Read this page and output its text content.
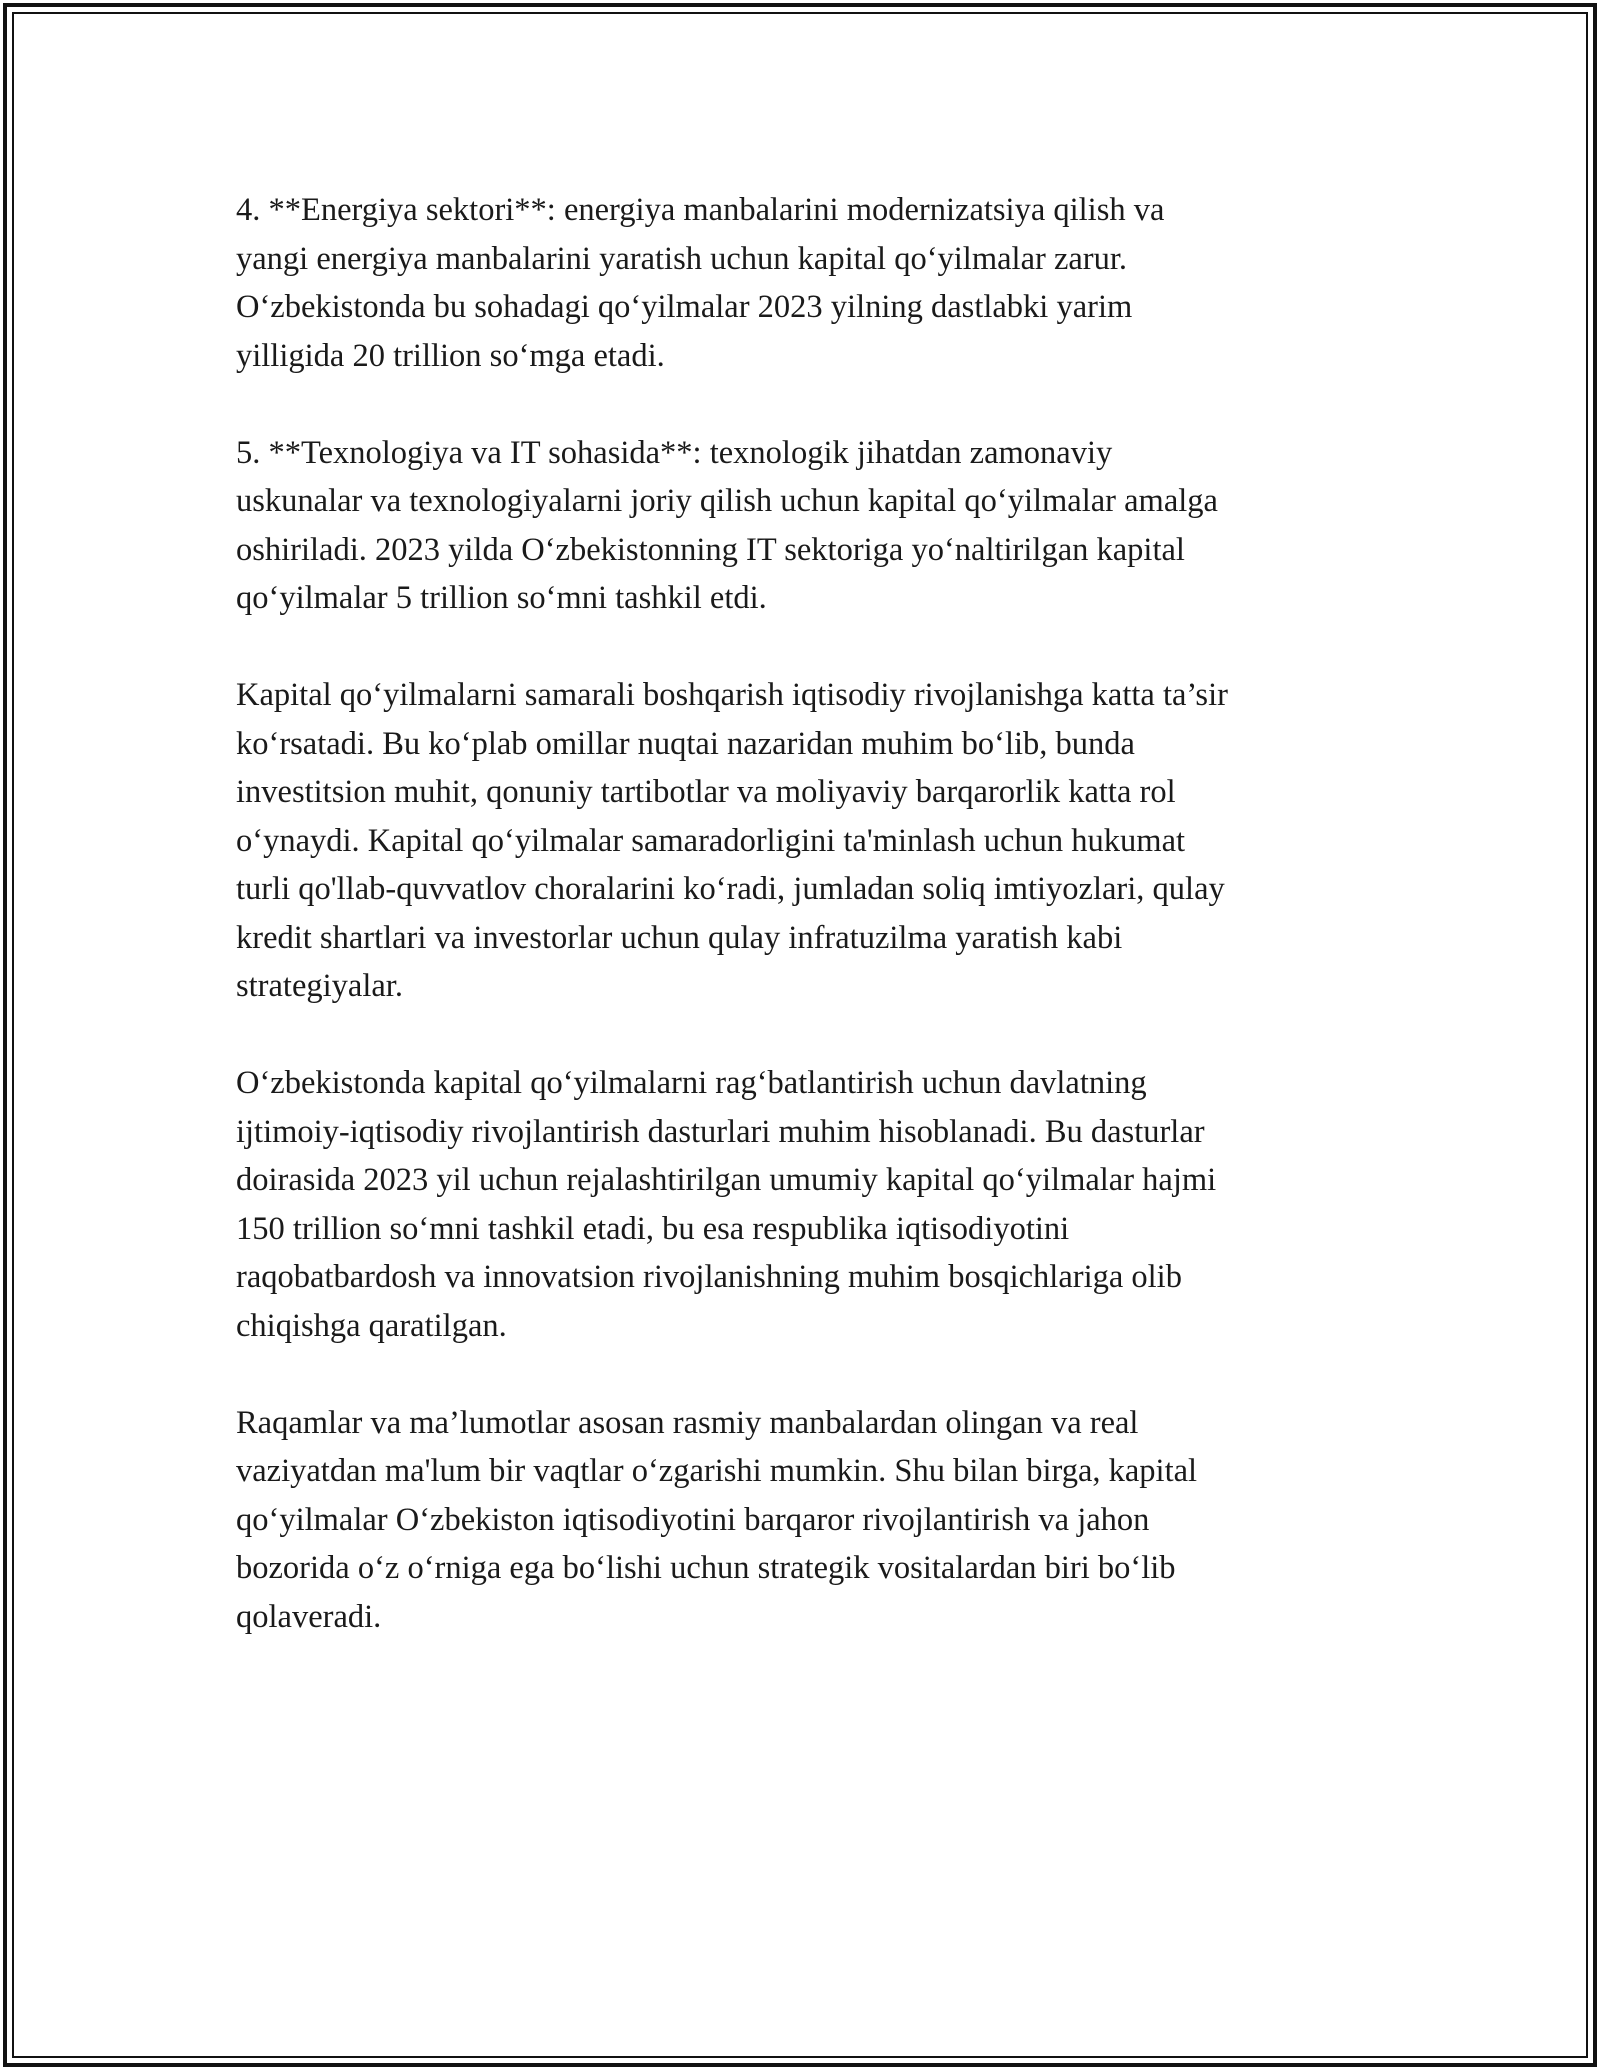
4. **Energiya sektori**: energiya manbalarini modernizatsiya qilish va
yangi energiya manbalarini yaratish uchun kapital qoʻyilmalar zarur.
Oʻzbekistonda bu sohadagi qoʻyilmalar 2023 yilning dastlabki yarim
yilligida 20 trillion soʻmga etadi.

5. **Texnologiya va IT sohasida**: texnologik jihatdan zamonaviy
uskunalar va texnologiyalarni joriy qilish uchun kapital qoʻyilmalar amalga
oshiriladi. 2023 yilda Oʻzbekistonning IT sektoriga yoʻnaltirilgan kapital
qoʻyilmalar 5 trillion soʻmni tashkil etdi.

Kapital qoʻyilmalarni samarali boshqarish iqtisodiy rivojlanishga katta ta’sir
koʻrsatadi. Bu koʻplab omillar nuqtai nazaridan muhim boʻlib, bunda
investitsion muhit, qonuniy tartibotlar va moliyaviy barqarorlik katta rol
oʻynaydi. Kapital qoʻyilmalar samaradorligini ta'minlash uchun hukumat
turli qo'llab-quvvatlov choralarini koʻradi, jumladan soliq imtiyozlari, qulay
kredit shartlari va investorlar uchun qulay infratuzilma yaratish kabi
strategiyalar.

Oʻzbekistonda kapital qoʻyilmalarni ragʻbatlantirish uchun davlatning
ijtimoiy-iqtisodiy rivojlantirish dasturlari muhim hisoblanadi. Bu dasturlar
doirasida 2023 yil uchun rejalashtirilgan umumiy kapital qoʻyilmalar hajmi
150 trillion soʻmni tashkil etadi, bu esa respublika iqtisodiyotini
raqobatbardosh va innovatsion rivojlanishning muhim bosqichlariga olib
chiqishga qaratilgan.

Raqamlar va ma’lumotlar asosan rasmiy manbalardan olingan va real
vaziyatdan ma'lum bir vaqtlar oʻzgarishi mumkin. Shu bilan birga, kapital
qoʻyilmalar Oʻzbekiston iqtisodiyotini barqaror rivojlantirish va jahon
bozorida oʻz oʻrniga ega boʻlishi uchun strategik vositalardan biri boʻlib
qolaveradi.
